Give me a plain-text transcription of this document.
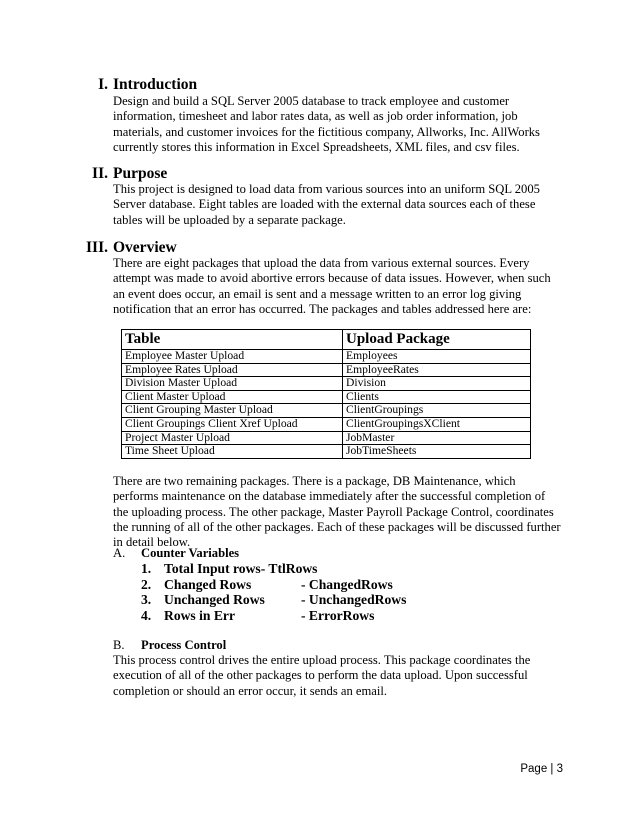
I. Introduction

Design and build a SQL Server 2005 database to track employee and customer information, timesheet and labor rates data, as well as job order information, job materials, and customer invoices for the fictitious company, Allworks, Inc. AllWorks currently stores this information in Excel Spreadsheets, XML files, and csv files.

II. Purpose

This project is designed to load data from various sources into an uniform SQL 2005 Server database. Eight tables are loaded with the external data sources each of these tables will be uploaded by a separate package.

III. Overview

There are eight packages that upload the data from various external sources. Every attempt was made to avoid abortive errors because of data issues. However, when such an event does occur, an email is sent and a message written to an error log giving notification that an error has occurred. The packages and tables addressed here are:

Table	Upload Package
Employee Master Upload	Employees
Employee Rates Upload	EmployeeRates
Division Master Upload	Division
Client Master Upload	Clients
Client Grouping Master Upload	ClientGroupings
Client Groupings Client Xref Upload	ClientGroupingsXClient
Project Master Upload	JobMaster
Time Sheet Upload	JobTimeSheets

There are two remaining packages. There is a package, DB Maintenance, which performs maintenance on the database immediately after the successful completion of the uploading process. The other package, Master Payroll Package Control, coordinates the running of all of the other packages. Each of these packages will be discussed further in detail below.

A. Counter Variables
1. Total Input rows- TtlRows
2. Changed Rows	- ChangedRows
3. Unchanged Rows	- UnchangedRows
4. Rows in Err	- ErrorRows
B. Process Control

This process control drives the entire upload process. This package coordinates the execution of all of the other packages to perform the data upload. Upon successful completion or should an error occur, it sends an email.

Page | 3
